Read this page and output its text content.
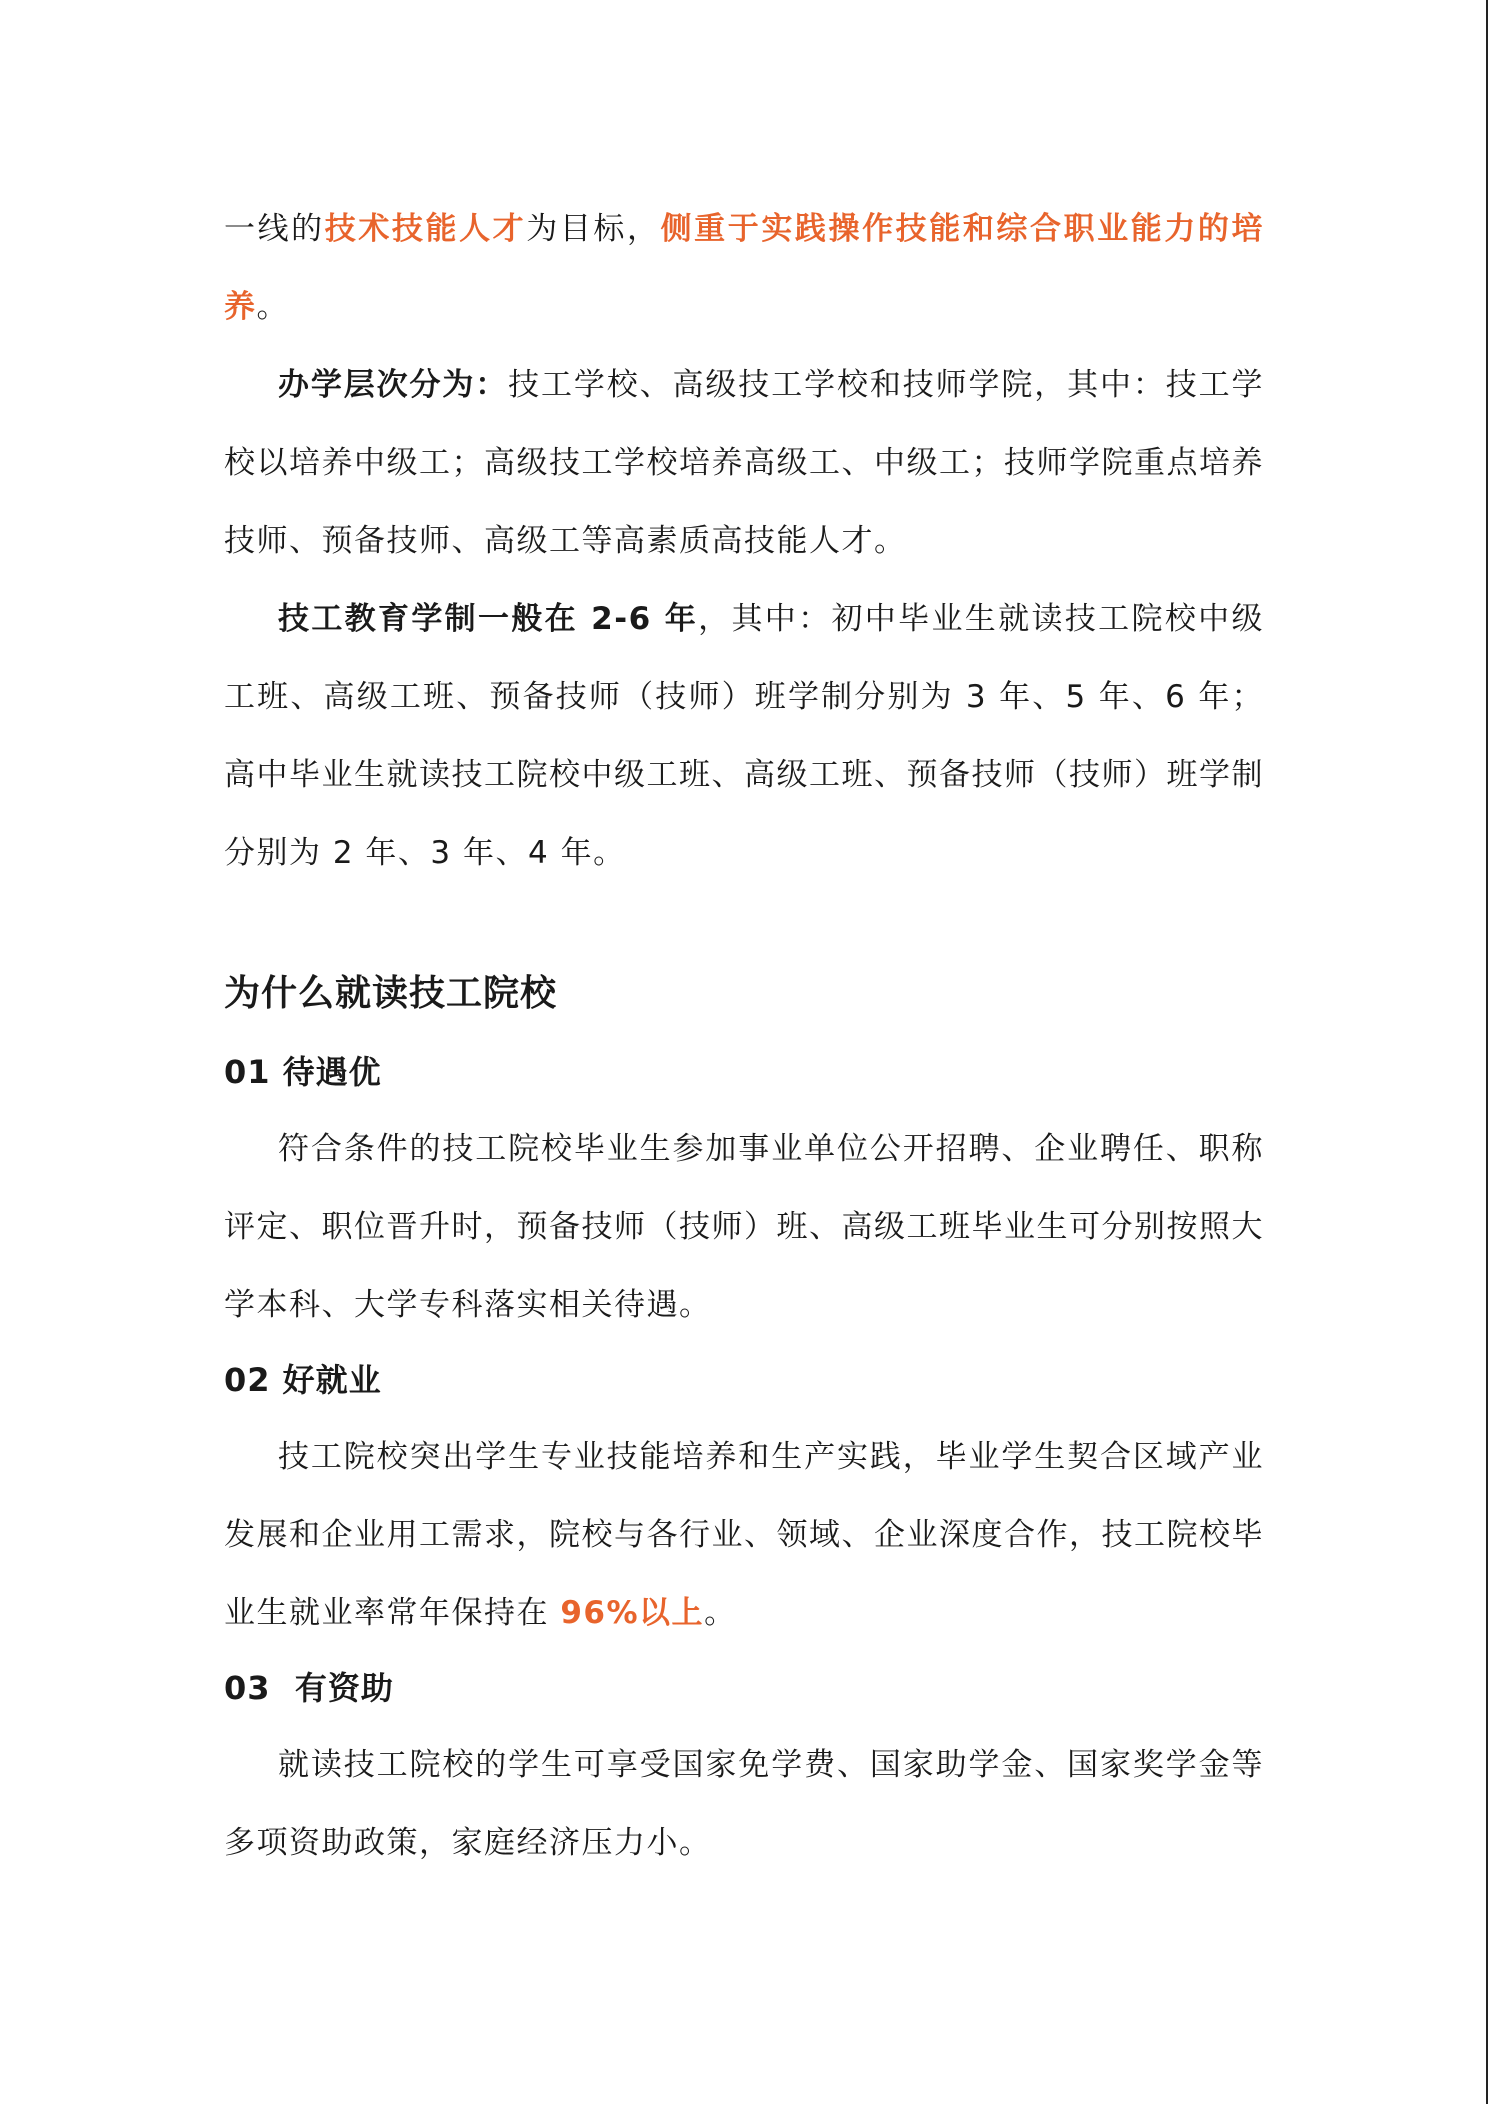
一线的技术技能人才为目标，侧重于实践操作技能和综合职业能力的培养。

办学层次分为：技工学校、高级技工学校和技师学院，其中：技工学校以培养中级工；高级技工学校培养高级工、中级工；技师学院重点培养技师、预备技师、高级工等高素质高技能人才。

技工教育学制一般在 2-6 年，其中：初中毕业生就读技工院校中级工班、高级工班、预备技师（技师）班学制分别为 3 年、5 年、6 年；高中毕业生就读技工院校中级工班、高级工班、预备技师（技师）班学制分别为 2 年、3 年、4 年。

为什么就读技工院校
01 待遇优

符合条件的技工院校毕业生参加事业单位公开招聘、企业聘任、职称评定、职位晋升时，预备技师（技师）班、高级工班毕业生可分别按照大学本科、大学专科落实相关待遇。

02 好就业

技工院校突出学生专业技能培养和生产实践，毕业学生契合区域产业发展和企业用工需求，院校与各行业、领域、企业深度合作，技工院校毕业生就业率常年保持在 96%以上。

03  有资助

就读技工院校的学生可享受国家免学费、国家助学金、国家奖学金等多项资助政策，家庭经济压力小。
